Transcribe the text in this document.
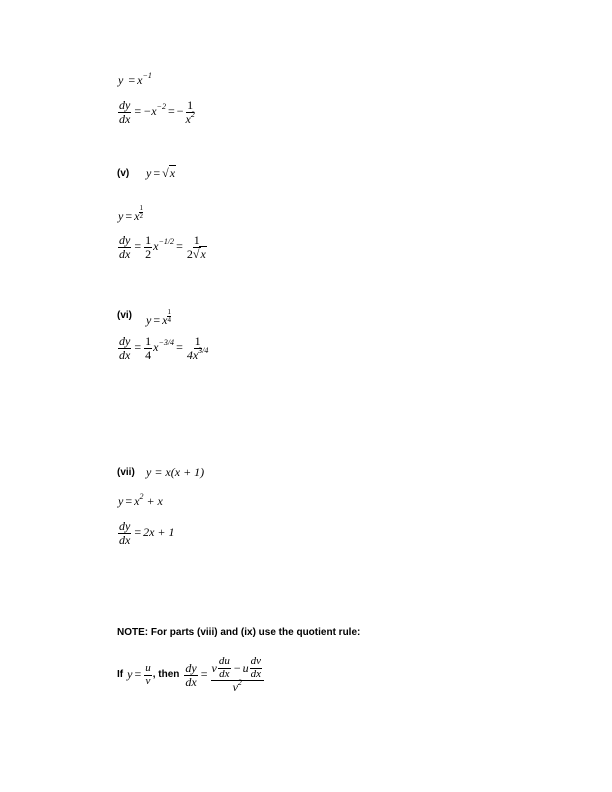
$y = x^{-1}$
$\frac{dy}{dx} = -x^{-2}$ = − $\frac{1}{x^2}$
(v) y = √x
y = x $\frac{1}{2}$
$\frac{dy}{dx} = \frac{1}{2} x^{-1/2} = \frac{1}{2√x}$
(vi) y = x $\frac{1}{4}$
$\frac{dy}{dx} = \frac{1}{4} x^{-3/4} = \frac{1}{4x^{3/4}}$
(vii) y = x(x + 1)
$y = x^2 + x$
$\frac{dy}{dx} = 2x + 1$
NOTE: For parts (viii) and (ix) use the quotient rule:
If $y = \frac{u}{v}$ , then $\frac{dy}{dx} = \frac{v \frac{du}{dx} - u \frac{dv}{dx}}{v^2}$
